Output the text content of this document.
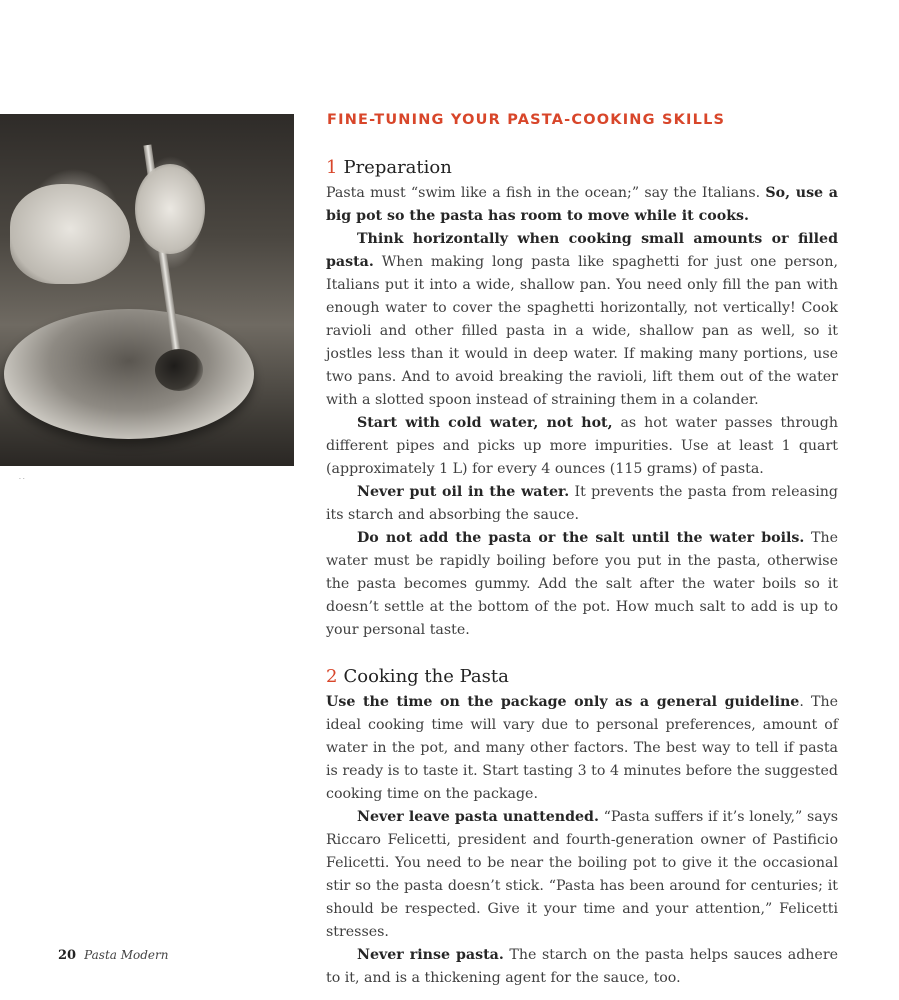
· ·
FINE-TUNING YOUR PASTA-COOKING SKILLS
1 Preparation

Pasta must “swim like a fish in the ocean;” say the Italians. So, use a big pot so the pasta has room to move while it cooks.

Think horizontally when cooking small amounts or filled pasta. When making long pasta like spaghetti for just one person, Italians put it into a wide, shallow pan. You need only fill the pan with enough water to cover the spaghetti horizontally, not vertically! Cook ravioli and other filled pasta in a wide, shallow pan as well, so it jostles less than it would in deep water. If making many portions, use two pans. And to avoid breaking the ravioli, lift them out of the water with a slotted spoon instead of straining them in a colander.

Start with cold water, not hot, as hot water passes through different pipes and picks up more impurities. Use at least 1 quart (approximately 1 L) for every 4 ounces (115 grams) of pasta.

Never put oil in the water. It prevents the pasta from releasing its starch and absorbing the sauce.

Do not add the pasta or the salt until the water boils. The water must be rapidly boiling before you put in the pasta, otherwise the pasta becomes gummy. Add the salt after the water boils so it doesn’t settle at the bottom of the pot. How much salt to add is up to your personal taste.

2 Cooking the Pasta

Use the time on the package only as a general guideline. The ideal cooking time will vary due to personal preferences, amount of water in the pot, and many other factors. The best way to tell if pasta is ready is to taste it. Start tasting 3 to 4 minutes before the suggested cooking time on the package.

Never leave pasta unattended. “Pasta suffers if it’s lonely,” says Riccaro Felicetti, president and fourth-generation owner of Pastificio Felicetti. You need to be near the boiling pot to give it the occasional stir so the pasta doesn’t stick. “Pasta has been around for centuries; it should be respected. Give it your time and your attention,” Felicetti stresses.

Never rinse pasta. The starch on the pasta helps sauces adhere to it, and is a thickening agent for the sauce, too.

20 Pasta Modern
